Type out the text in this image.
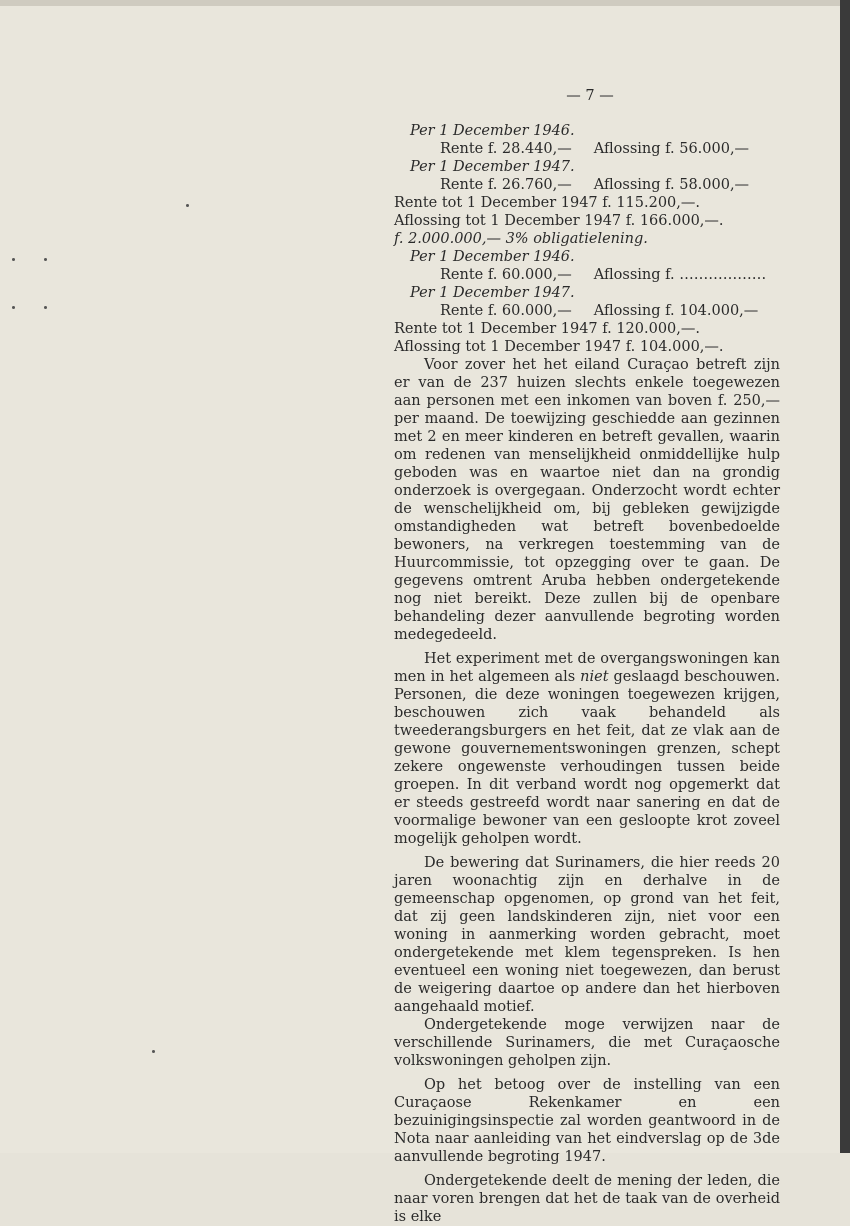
— 7 —
Per 1 December 1946.
Rente f. 28.440,— Aflossing f. 56.000,—
Per 1 December 1947.
Rente f. 26.760,— Aflossing f. 58.000,—
Rente tot 1 December 1947 f. 115.200,—.
Aflossing tot 1 December 1947 f. 166.000,—.
f. 2.000.000,— 3% obligatielening.
Per 1 December 1946.
Rente f. 60.000,— Aflossing f. ………………
Per 1 December 1947.
Rente f. 60.000,— Aflossing f. 104.000,—
Rente tot 1 December 1947 f. 120.000,—.
Aflossing tot 1 December 1947 f. 104.000,—.

Voor zover het het eiland Curaçao betreft zijn er van de 237 huizen slechts enkele toegewezen aan personen met een inkomen van boven f. 250,— per maand. De toewijzing geschiedde aan gezinnen met 2 en meer kinderen en betreft gevallen, waarin om redenen van menselijkheid onmiddellijke hulp geboden was en waartoe niet dan na grondig onderzoek is overgegaan. Onderzocht wordt echter de wenschelijkheid om, bij gebleken gewijzigde omstandigheden wat betreft bovenbedoelde bewoners, na verkregen toestemming van de Huurcommissie, tot opzegging over te gaan. De gegevens omtrent Aruba hebben ondergetekende nog niet bereikt. Deze zullen bij de openbare behandeling dezer aanvullende begroting worden medegedeeld.

Het experiment met de overgangswoningen kan men in het algemeen als niet geslaagd beschouwen. Personen, die deze woningen toegewezen krijgen, beschouwen zich vaak behandeld als tweederangsburgers en het feit, dat ze vlak aan de gewone gouvernementswoningen grenzen, schept zekere ongewenste verhoudingen tussen beide groepen. In dit verband wordt nog opgemerkt dat er steeds gestreefd wordt naar sanering en dat de voormalige bewoner van een gesloopte krot zoveel mogelijk geholpen wordt.

De bewering dat Surinamers, die hier reeds 20 jaren woonachtig zijn en derhalve in de gemeenschap opgenomen, op grond van het feit, dat zij geen landskinderen zijn, niet voor een woning in aanmerking worden gebracht, moet ondergetekende met klem tegenspreken. Is hen eventueel een woning niet toegewezen, dan berust de weigering daartoe op andere dan het hierboven aangehaald motief.

Ondergetekende moge verwijzen naar de verschillende Surinamers, die met Curaçaosche volkswoningen geholpen zijn.

Op het betoog over de instelling van een Curaçaose Rekenkamer en een bezuinigingsinspectie zal worden geantwoord in de Nota naar aanleiding van het eindverslag op de 3de aanvullende begroting 1947.

Ondergetekende deelt de mening der leden, die naar voren brengen dat het de taak van de overheid is elke
